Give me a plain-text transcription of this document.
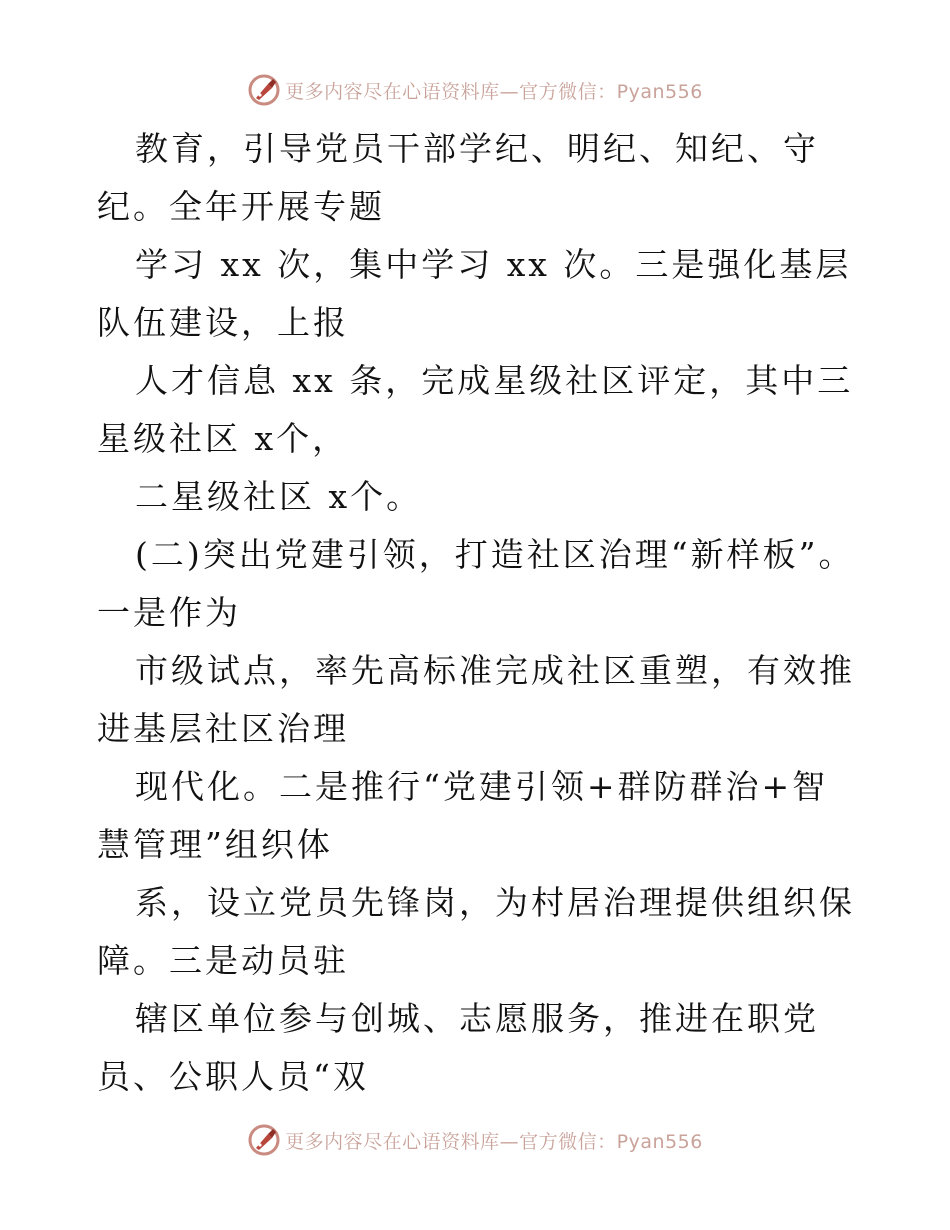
更多内容尽在心语资料库—官方微信：Pyan556

教育，引导党员干部学纪、明纪、知纪、守纪。全年开展专题

学习 xx 次，集中学习 xx 次。三是强化基层队伍建设，上报

人才信息 xx 条，完成星级社区评定，其中三星级社区 x个，

二星级社区 x个。

(二)突出党建引领，打造社区治理“新样板”。一是作为

市级试点，率先高标准完成社区重塑，有效推进基层社区治理

现代化。二是推行“党建引领+群防群治+智慧管理”组织体

系，设立党员先锋岗，为村居治理提供组织保障。三是动员驻

辖区单位参与创城、志愿服务，推进在职党员、公职人员“双

更多内容尽在心语资料库—官方微信：Pyan556
